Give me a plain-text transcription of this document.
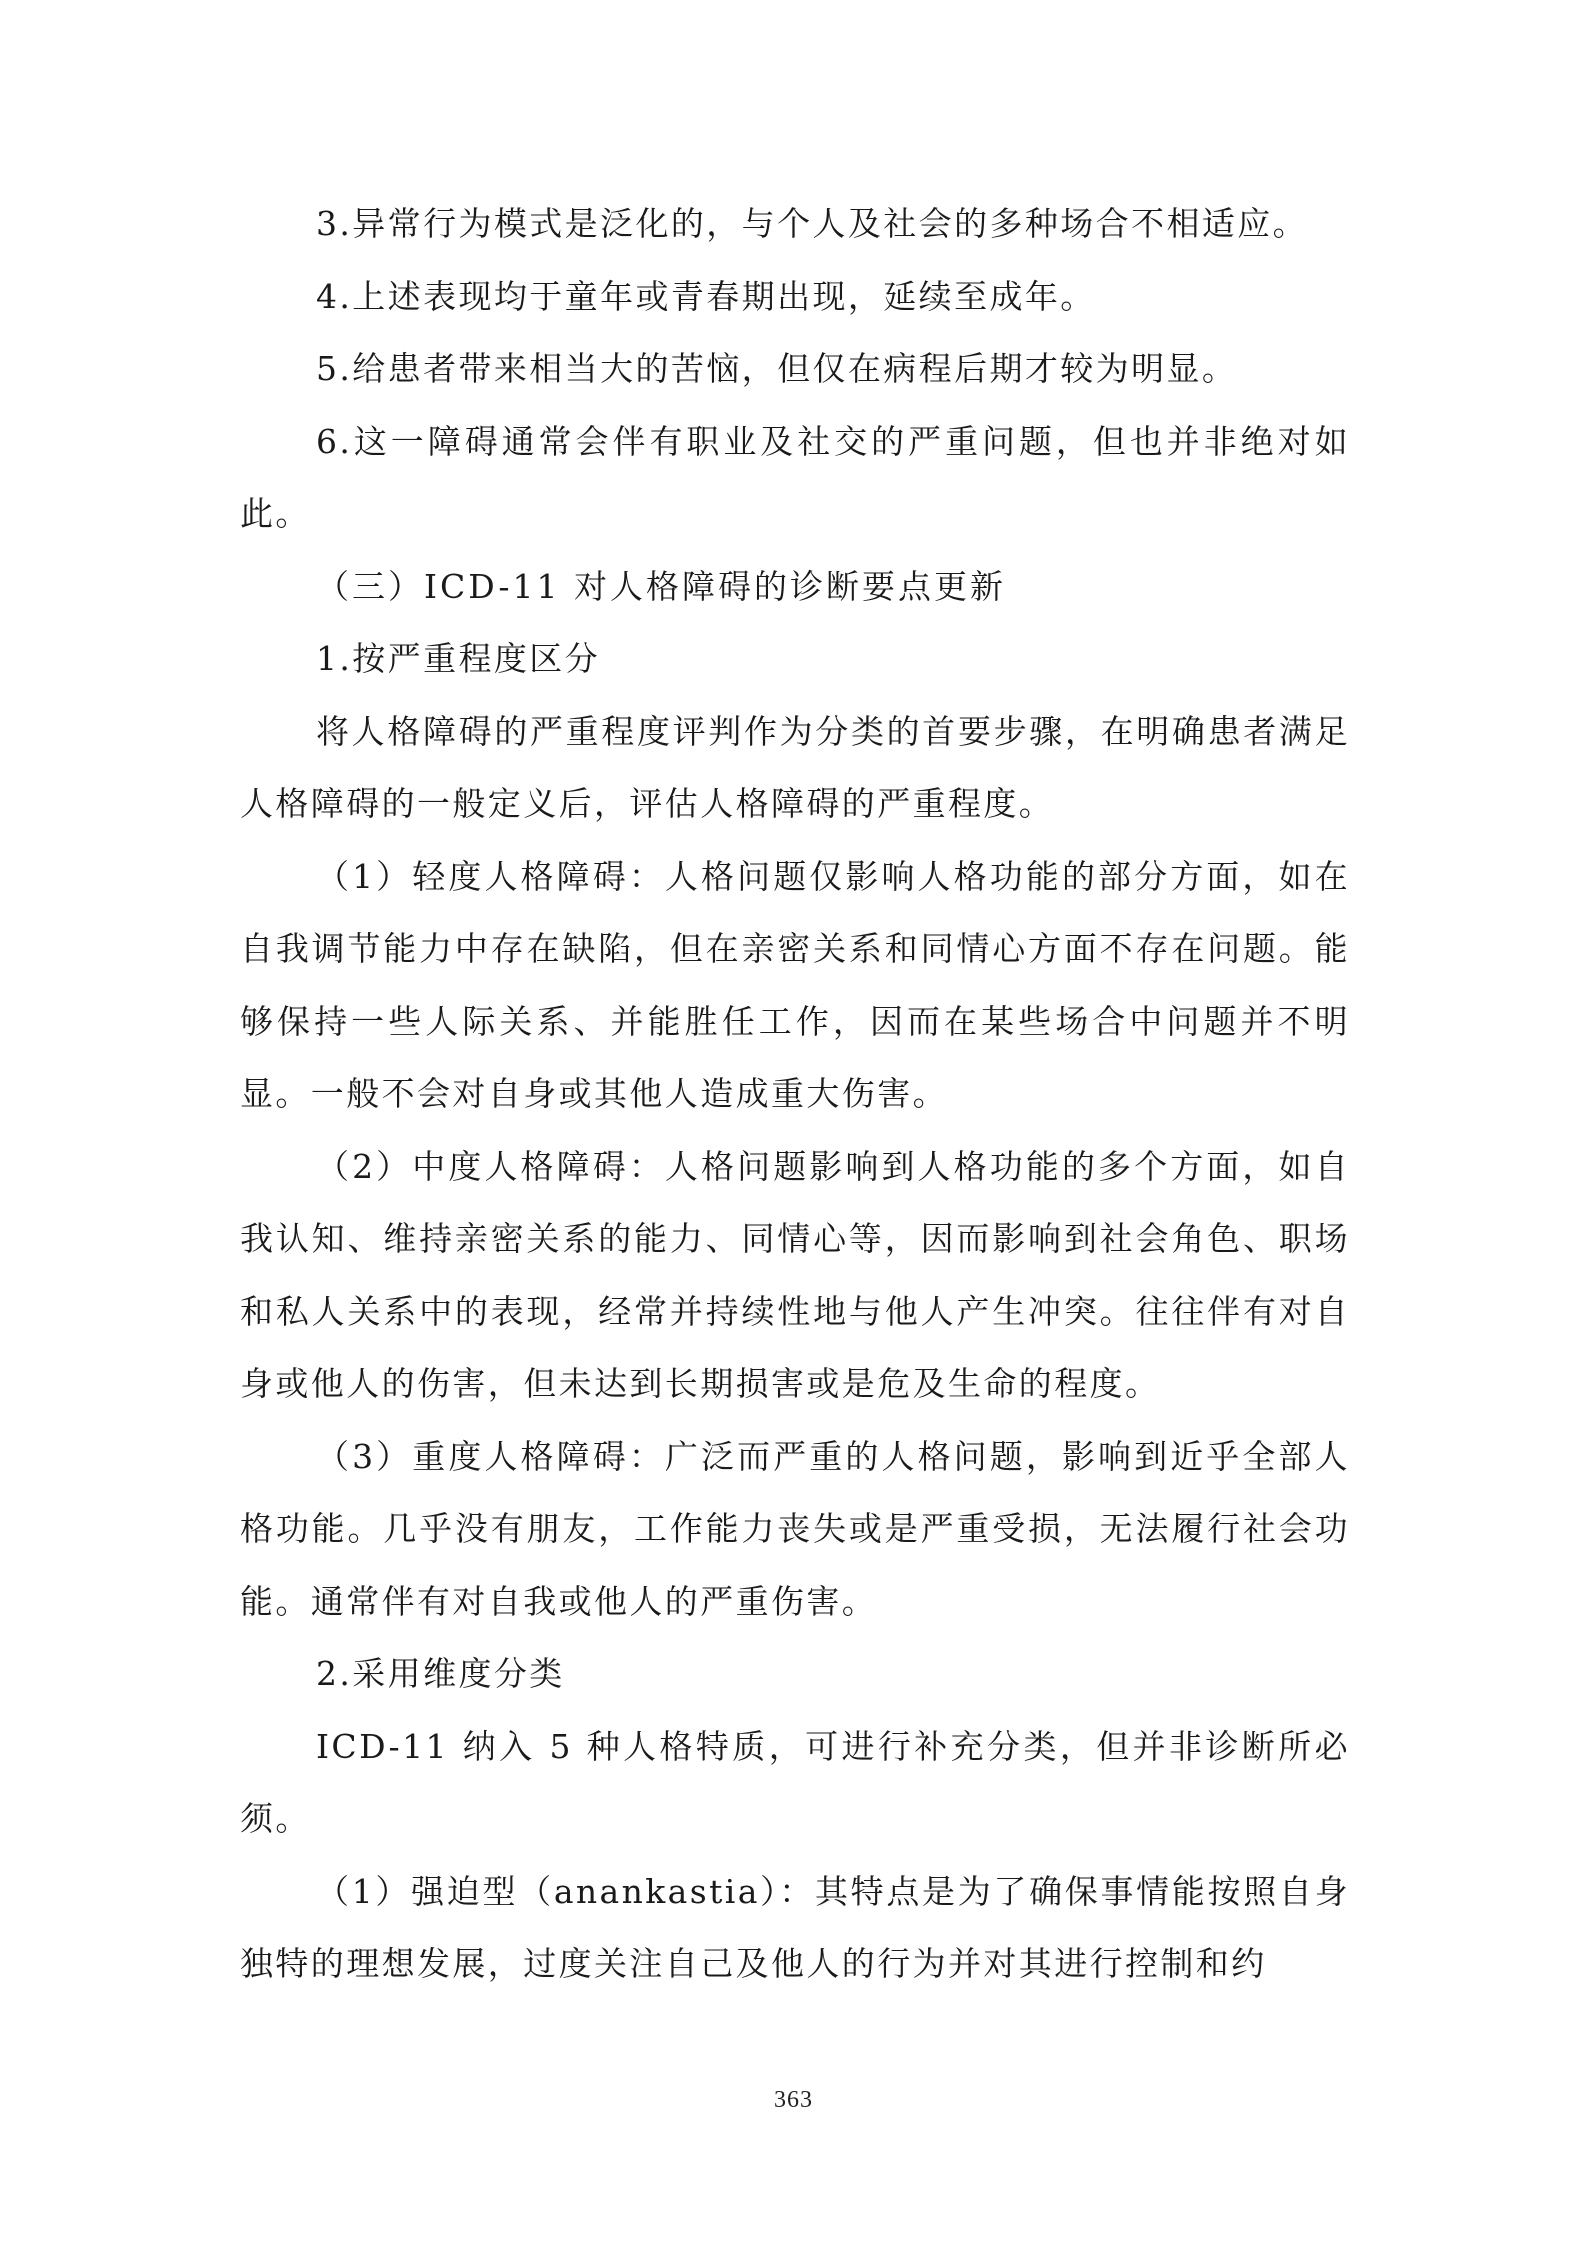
3.异常行为模式是泛化的，与个人及社会的多种场合不相适应。

4.上述表现均于童年或青春期出现，延续至成年。

5.给患者带来相当大的苦恼，但仅在病程后期才较为明显。

6.这一障碍通常会伴有职业及社交的严重问题，但也并非绝对如此。

（三）ICD-11 对人格障碍的诊断要点更新

1.按严重程度区分

将人格障碍的严重程度评判作为分类的首要步骤，在明确患者满足人格障碍的一般定义后，评估人格障碍的严重程度。

（1）轻度人格障碍：人格问题仅影响人格功能的部分方面，如在自我调节能力中存在缺陷，但在亲密关系和同情心方面不存在问题。能够保持一些人际关系、并能胜任工作，因而在某些场合中问题并不明显。一般不会对自身或其他人造成重大伤害。

（2）中度人格障碍：人格问题影响到人格功能的多个方面，如自我认知、维持亲密关系的能力、同情心等，因而影响到社会角色、职场和私人关系中的表现，经常并持续性地与他人产生冲突。往往伴有对自身或他人的伤害，但未达到长期损害或是危及生命的程度。

（3）重度人格障碍：广泛而严重的人格问题，影响到近乎全部人格功能。几乎没有朋友，工作能力丧失或是严重受损，无法履行社会功能。通常伴有对自我或他人的严重伤害。

2.采用维度分类

ICD-11 纳入 5 种人格特质，可进行补充分类，但并非诊断所必须。

（1）强迫型（anankastia）：其特点是为了确保事情能按照自身独特的理想发展，过度关注自己及他人的行为并对其进行控制和约

363
